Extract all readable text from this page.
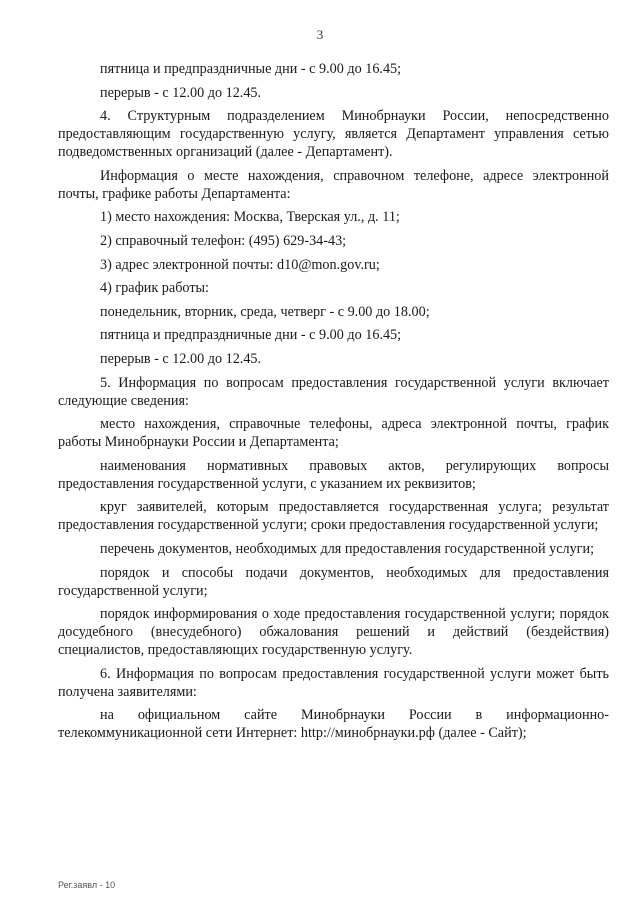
3

пятница и предпраздничные дни - с 9.00 до 16.45;

перерыв - с 12.00 до 12.45.

4. Структурным подразделением Минобрнауки России, непосредственно предоставляющим государственную услугу, является Департамент управления сетью подведомственных организаций (далее - Департамент).

Информация о месте нахождения, справочном телефоне, адресе электронной почты, графике работы Департамента:

1) место нахождения: Москва, Тверская ул., д. 11;

2) справочный телефон: (495) 629-34-43;

3) адрес электронной почты: d10@mon.gov.ru;

4) график работы:

понедельник, вторник, среда, четверг - с 9.00 до 18.00;

пятница и предпраздничные дни - с 9.00 до 16.45;

перерыв - с 12.00 до 12.45.

5. Информация по вопросам предоставления государственной услуги включает следующие сведения:

место нахождения, справочные телефоны, адреса электронной почты, график работы Минобрнауки России и Департамента;

наименования нормативных правовых актов, регулирующих вопросы предоставления государственной услуги, с указанием их реквизитов;

круг заявителей, которым предоставляется государственная услуга; результат предоставления государственной услуги; сроки предоставления государственной услуги;

перечень документов, необходимых для предоставления государственной услуги;

порядок и способы подачи документов, необходимых для предоставления государственной услуги;

порядок информирования о ходе предоставления государственной услуги; порядок досудебного (внесудебного) обжалования решений и действий (бездействия) специалистов, предоставляющих государственную услугу.

6. Информация по вопросам предоставления государственной услуги может быть получена заявителями:

на официальном сайте Минобрнауки России в информационно-телекоммуникационной сети Интернет: http://минобрнауки.рф (далее - Сайт);

Рег.заявл - 10
